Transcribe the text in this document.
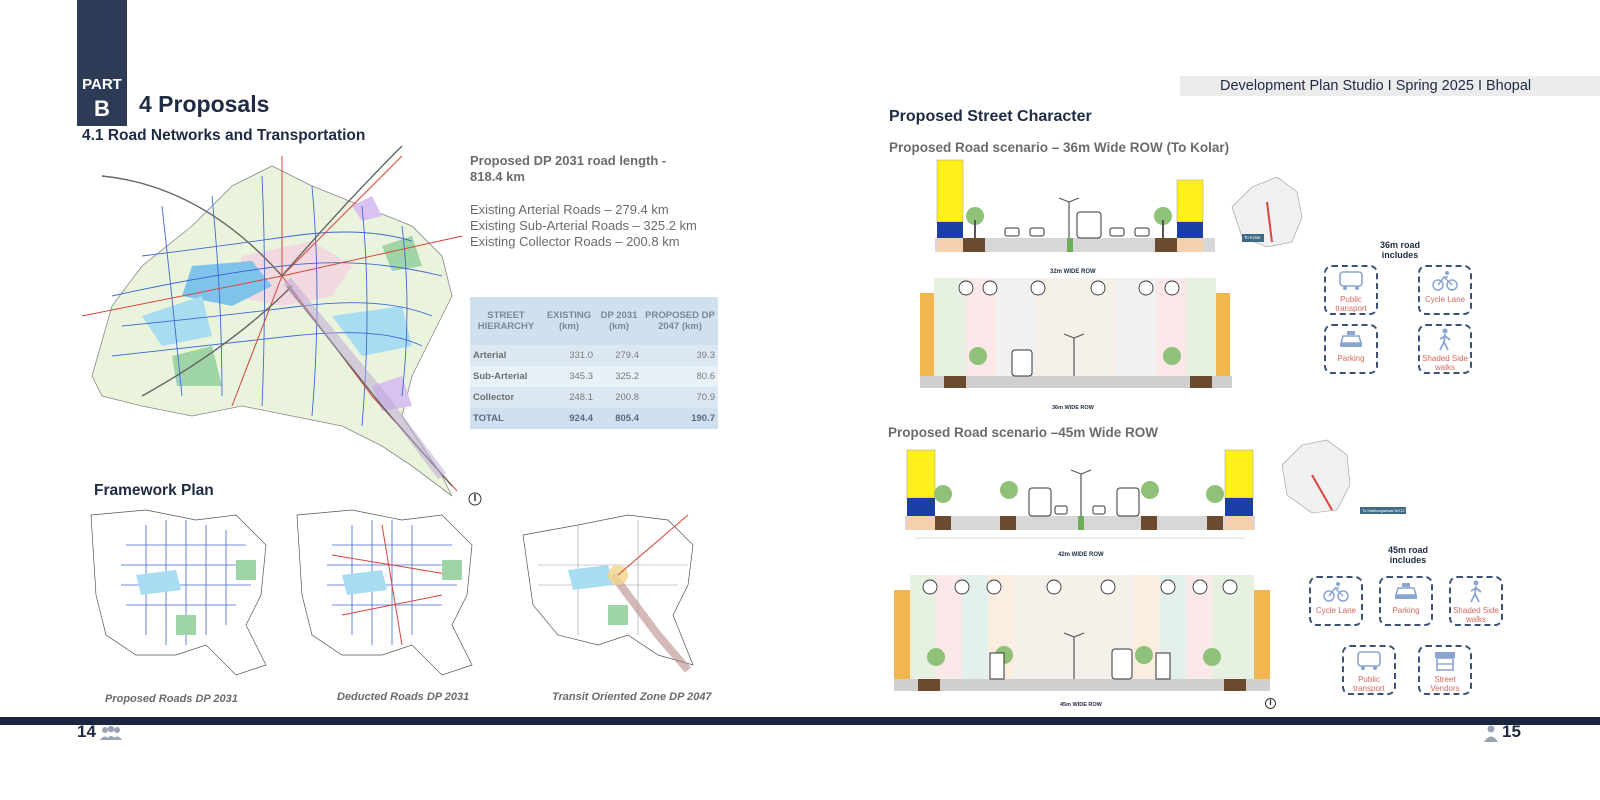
PART
B	4 Proposals
4.1 Road Networks and Transportation
Proposed DP 2031 road length - 818.4 km
Existing Arterial Roads – 279.4 km
Existing Sub-Arterial Roads – 325.2 km
Existing Collector Roads – 200.8 km
STREET HIERARCHY	EXISTING (km)	DP 2031 (km)	PROPOSED DP 2047 (km)
Arterial	331.0	279.4	39.3
Sub-Arterial	345.3	325.2	80.6
Collector	248.1	200.8	70.9
TOTAL	924.4	805.4	190.7
Framework Plan
Proposed Roads DP 2031	Deducted Roads DP 2031	Transit Oriented Zone DP 2047
Development Plan Studio I Spring 2025 I Bhopal
Proposed Street Character
Proposed Road scenario – 36m Wide ROW (To Kolar)
32m WIDE ROW
To Kolar
36m WIDE ROW
36m road includes
Public transport
Cycle Lane
Parking	Shaded Side walks
Proposed Road scenario –45m Wide ROW
42m WIDE ROW
To Mathangadwal NH12
45m WIDE ROW
45m road includes
Cycle Lane	Parking	Shaded Side walks
Public transport
Street Vendors
14	15
